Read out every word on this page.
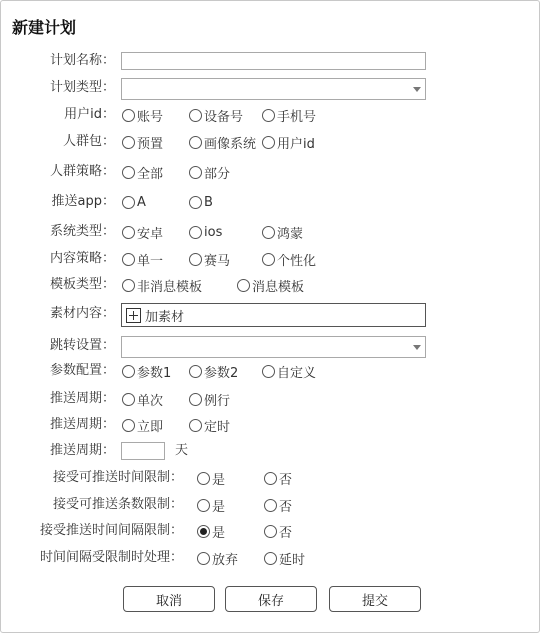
新建计划
计划名称：
计划类型：
用户id： 账号	设备号	手机号
人群包： 预置	画像系统 用户id
人群策略： 全部	部分
推送app： A	B
系统类型： 安卓	ios	鸿蒙
内容策略： 单一	赛马	个性化
模板类型： 非消息模板	消息模板
素材内容： 加素材
跳转设置：
参数配置： 参数1	参数2	自定义
推送周期： 单次	例行
推送周期： 立即	定时
推送周期：	天
接受可推送时间限制： 是	否
接受可推送条数限制： 是	否
接受推送时间间隔限制： 是	否
时间间隔受限制时处理： 放弃	延时
取消	保存	提交
